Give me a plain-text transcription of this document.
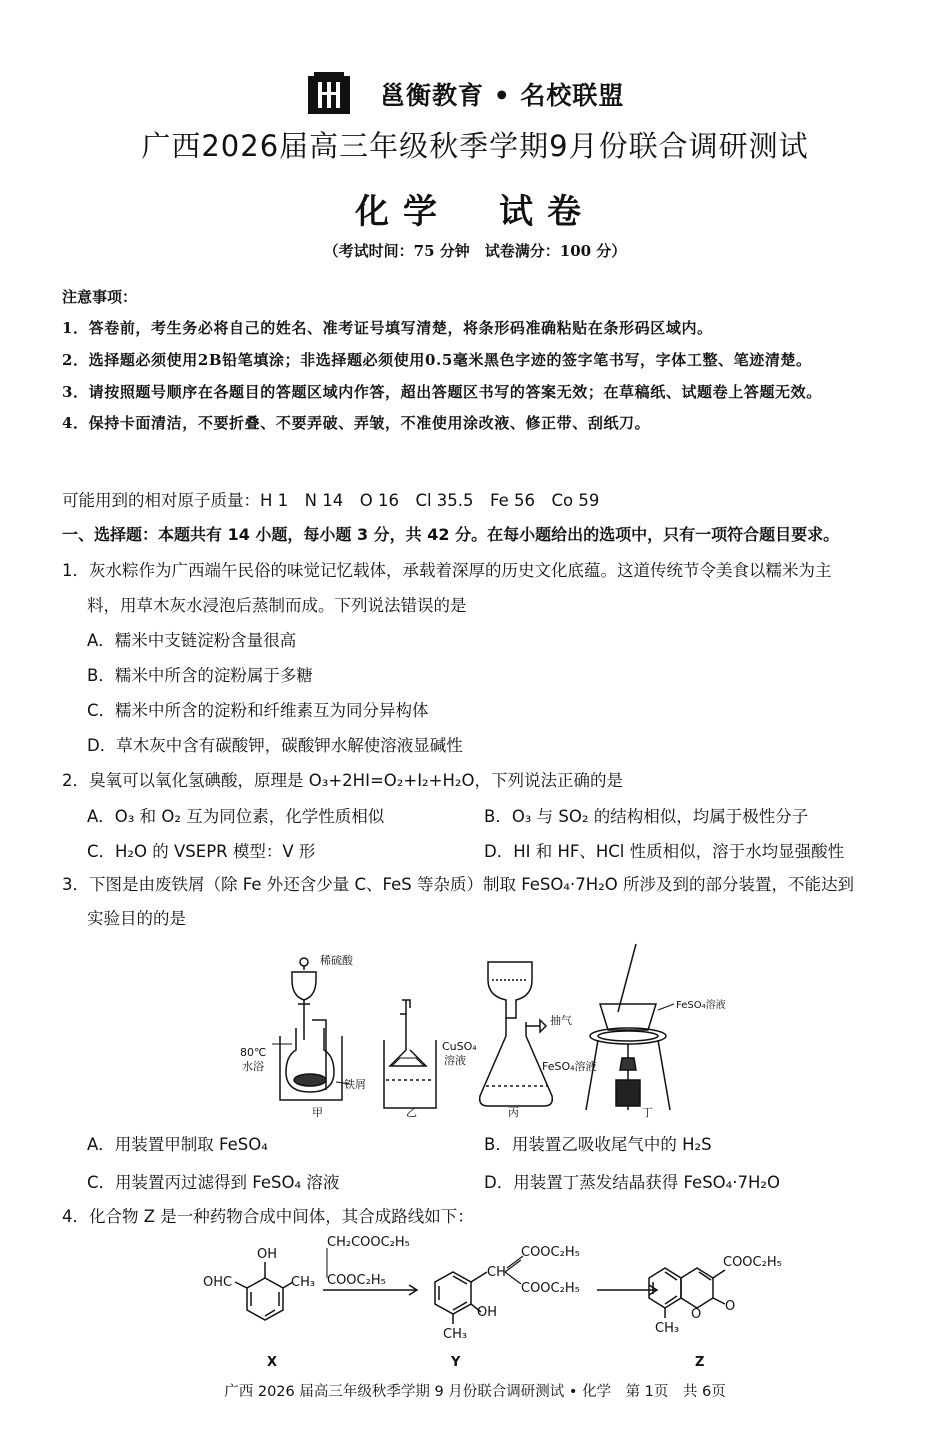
邕衡教育 • 名校联盟
广西2026届高三年级秋季学期9月份联合调研测试
化学　试卷
（考试时间：75 分钟　试卷满分：100 分）
注意事项：
1．答卷前，考生务必将自己的姓名、准考证号填写清楚，将条形码准确粘贴在条形码区域内。
2．选择题必须使用2B铅笔填涂；非选择题必须使用0.5毫米黑色字迹的签字笔书写，字体工整、笔迹清楚。
3．请按照题号顺序在各题目的答题区域内作答，超出答题区书写的答案无效；在草稿纸、试题卷上答题无效。
4．保持卡面清洁，不要折叠、不要弄破、弄皱，不准使用涂改液、修正带、刮纸刀。
可能用到的相对原子质量：H 1　N 14　O 16　Cl 35.5　Fe 56　Co 59
一、选择题：本题共有 14 小题，每小题 3 分，共 42 分。在每小题给出的选项中，只有一项符合题目要求。
1．灰水粽作为广西端午民俗的味觉记忆载体，承载着深厚的历史文化底蕴。这道传统节令美食以糯米为主
料，用草木灰水浸泡后蒸制而成。下列说法错误的是
A．糯米中支链淀粉含量很高
B．糯米中所含的淀粉属于多糖
C．糯米中所含的淀粉和纤维素互为同分异构体
D．草木灰中含有碳酸钾，碳酸钾水解使溶液显碱性
2．臭氧可以氧化氢碘酸，原理是 O₃+2HI=O₂+I₂+H₂O，下列说法正确的是
A．O₃ 和 O₂ 互为同位素，化学性质相似	B．O₃ 与 SO₂ 的结构相似，均属于极性分子
C．H₂O 的 VSEPR 模型：V 形	D．HI 和 HF、HCl 性质相似，溶于水均显强酸性
3．下图是由废铁屑（除 Fe 外还含少量 C、FeS 等杂质）制取 FeSO₄·7H₂O 所涉及到的部分装置，不能达到
实验目的的是
稀硫酸
80℃
水浴
铁屑
CuSO₄
溶液
抽气
FeSO₄溶液
FeSO₄溶液
甲	乙	丙	丁
A．用装置甲制取 FeSO₄	B．用装置乙吸收尾气中的 H₂S
C．用装置丙过滤得到 FeSO₄ 溶液	D．用装置丁蒸发结晶获得 FeSO₄·7H₂O
4．化合物 Z 是一种药物合成中间体，其合成路线如下：
OHC
OH
CH₃
CH₂COOC₂H₅
COOC₂H₅
CH
COOC₂H₅
COOC₂H₅
OH
CH₃
COOC₂H₅
O
O
CH₃
X	Y	Z
广西 2026 届高三年级秋季学期 9 月份联合调研测试 • 化学　第 1页　共 6页
